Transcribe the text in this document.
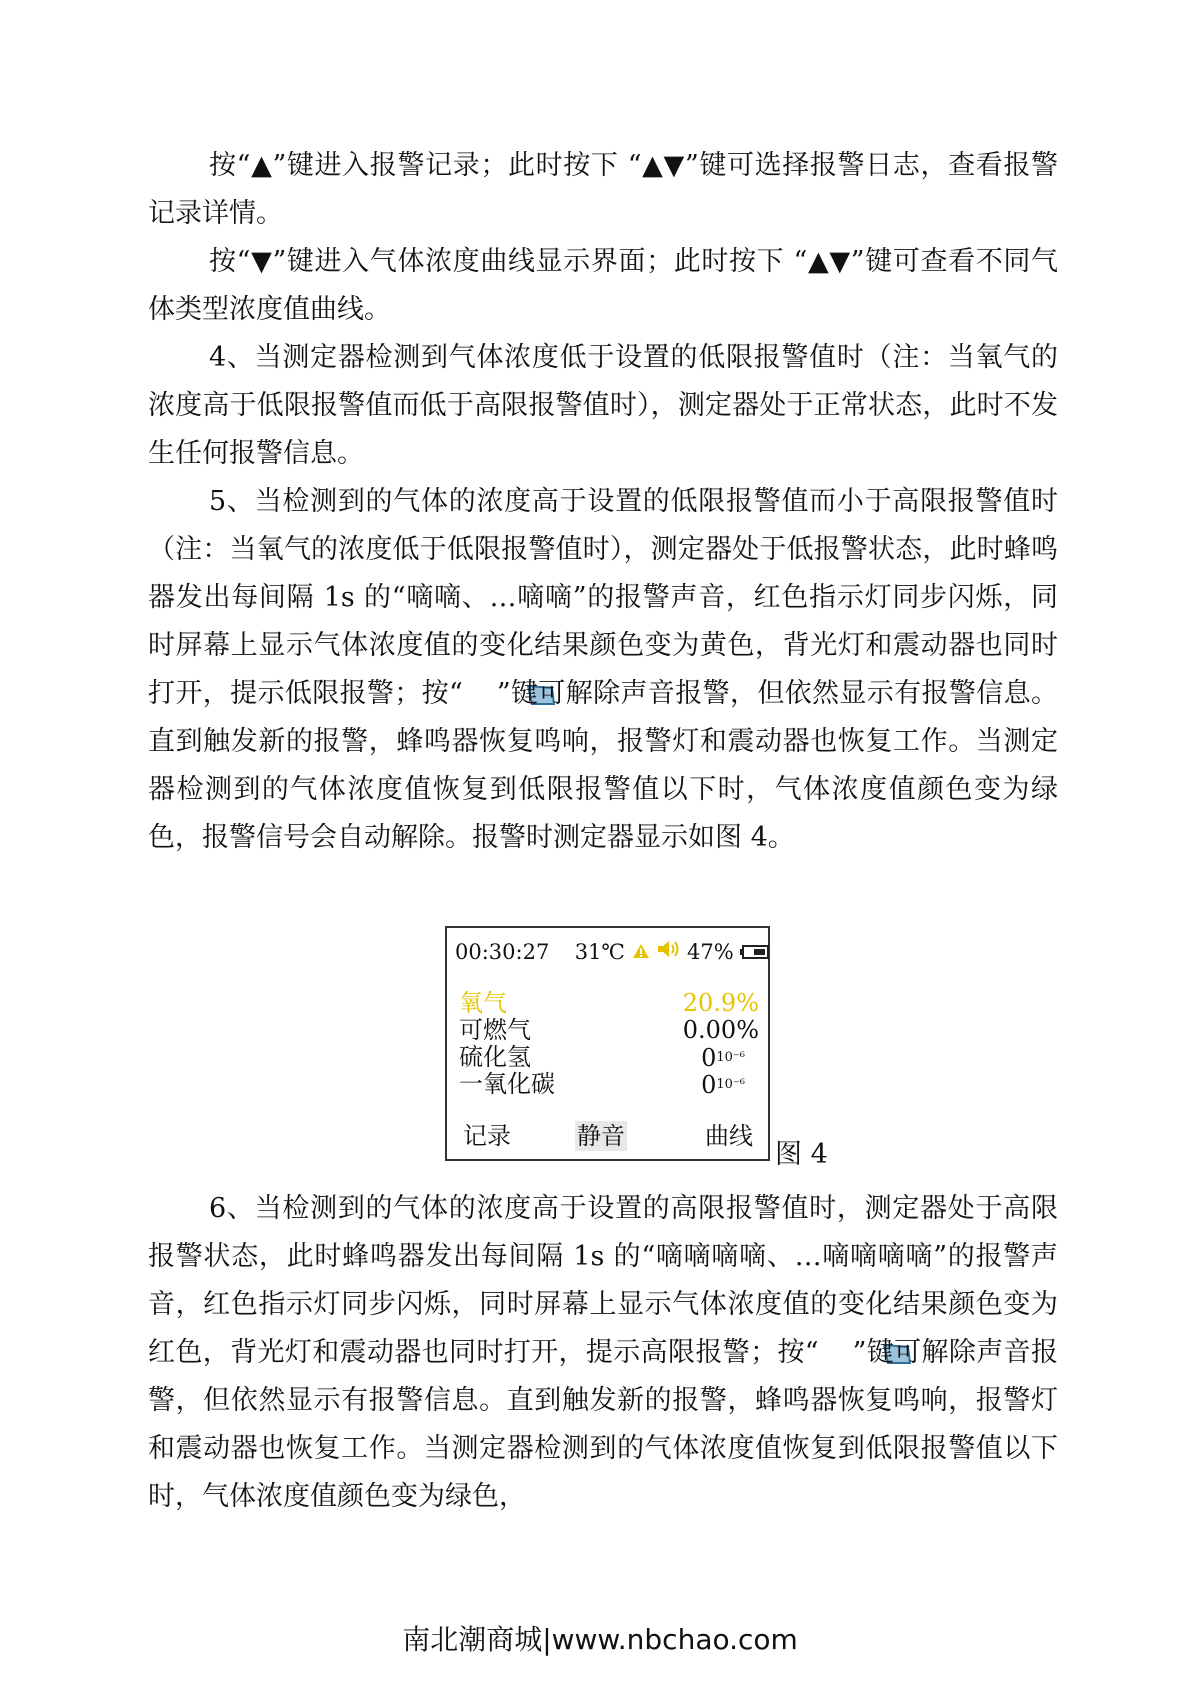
按“▲”键进入报警记录；此时按下 “▲▼”键可选择报警日志，查看报警记录详情。

按“▼”键进入气体浓度曲线显示界面；此时按下 “▲▼”键可查看不同气体类型浓度值曲线。

4、当测定器检测到气体浓度低于设置的低限报警值时（注：当氧气的浓度高于低限报警值而低于高限报警值时），测定器处于正常状态，此时不发生任何报警信息。

5、当检测到的气体的浓度高于设置的低限报警值而小于高限报警值时（注：当氧气的浓度低于低限报警值时），测定器处于低报警状态，此时蜂鸣器发出每间隔 1s 的“嘀嘀、…嘀嘀”的报警声音，红色指示灯同步闪烁，同时屏幕上显示气体浓度值的变化结果颜色变为黄色，背光灯和震动器也同时打开，提示低限报警；按“ ”键可解除声音报警，但依然显示有报警信息。直到触发新的报警，蜂鸣器恢复鸣响，报警灯和震动器也恢复工作。当测定器检测到的气体浓度值恢复到低限报警值以下时，气体浓度值颜色变为绿色，报警信号会自动解除。报警时测定器显示如图 4。

00:30:27 31℃	47%
氧气	20.9%
可燃气	0.00%
硫化氢	$0^{10^{-6}}$
一氧化碳	$0^{10^{-6}}$
记录	静音	曲线
图 4

6、当检测到的气体的浓度高于设置的高限报警值时，测定器处于高限报警状态，此时蜂鸣器发出每间隔 1s 的“嘀嘀嘀嘀、…嘀嘀嘀嘀”的报警声音，红色指示灯同步闪烁，同时屏幕上显示气体浓度值的变化结果颜色变为红色，背光灯和震动器也同时打开，提示高限报警；按“ ”键可解除声音报警，但依然显示有报警信息。直到触发新的报警，蜂鸣器恢复鸣响，报警灯和震动器也恢复工作。当测定器检测到的气体浓度值恢复到低限报警值以下时，气体浓度值颜色变为绿色，

南北潮商城|www.nbchao.com
